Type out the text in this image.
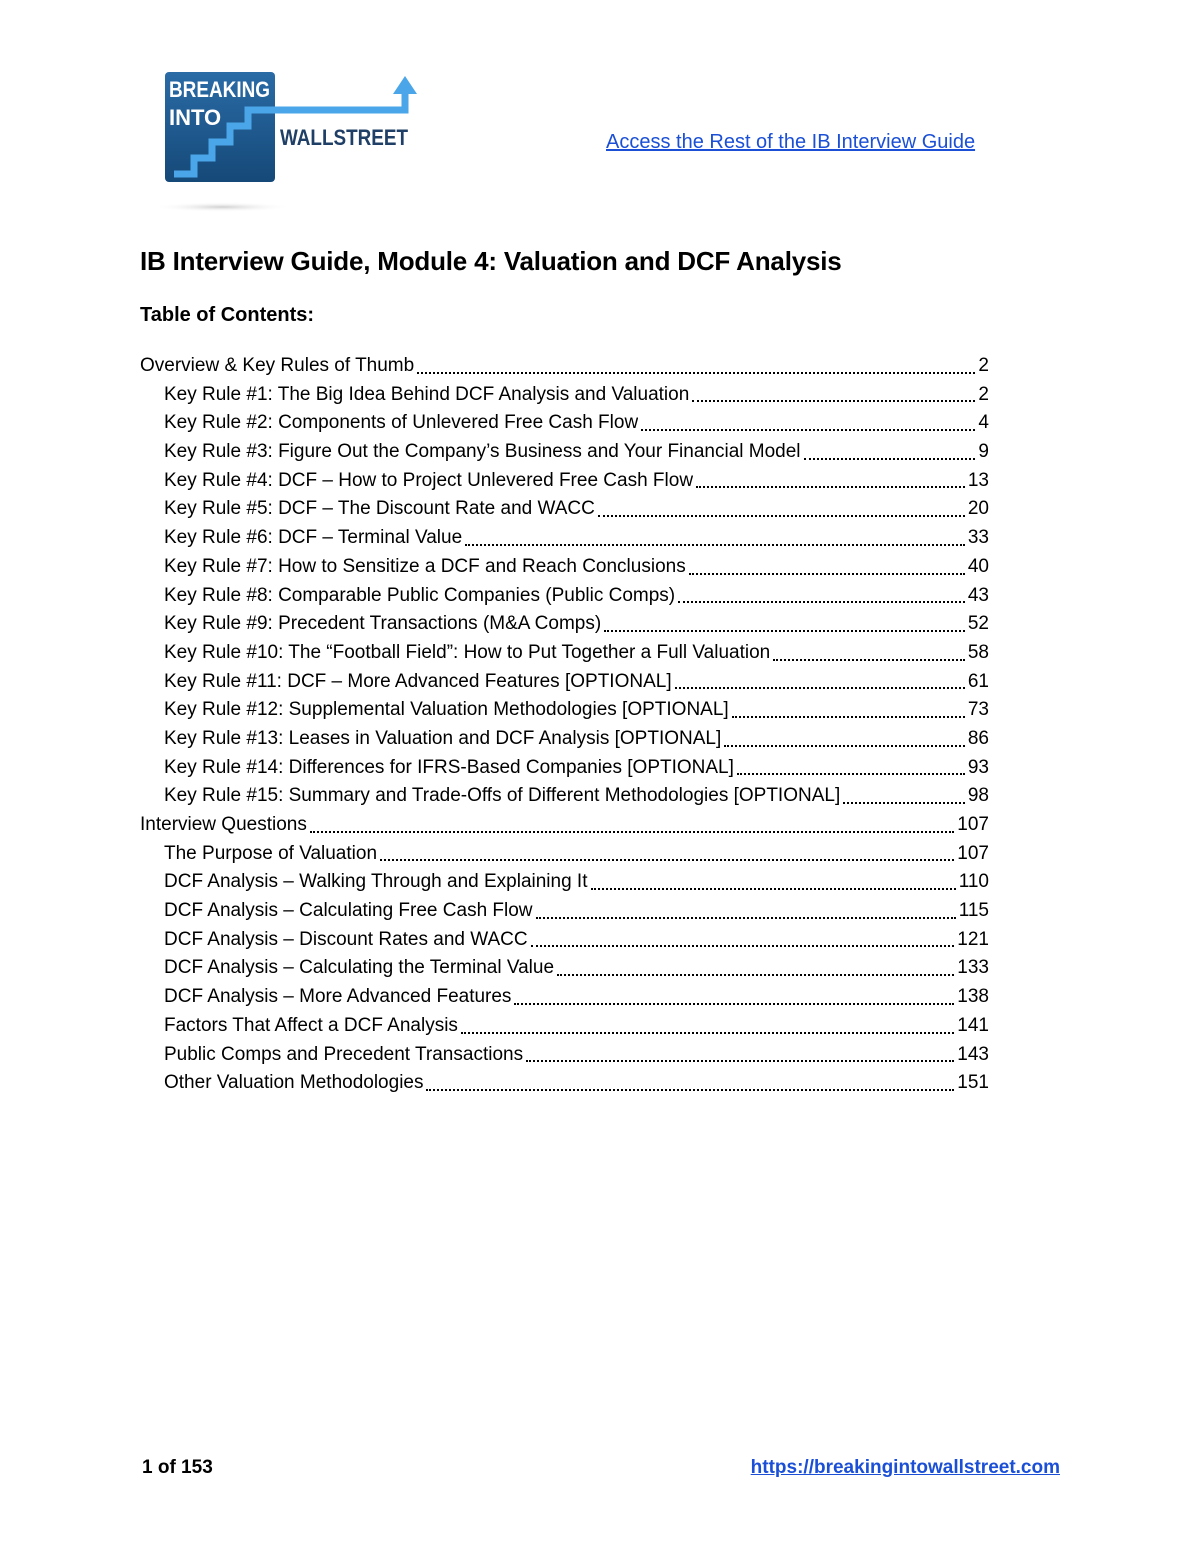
BREAKING
INTO
WALLSTREET	Access the Rest of the IB Interview Guide
IB Interview Guide, Module 4: Valuation and DCF Analysis
Table of Contents:
Overview & Key Rules of Thumb	2
Key Rule #1: The Big Idea Behind DCF Analysis and Valuation	2
Key Rule #2: Components of Unlevered Free Cash Flow	4
Key Rule #3: Figure Out the Company’s Business and Your Financial Model	9
Key Rule #4: DCF – How to Project Unlevered Free Cash Flow	13
Key Rule #5: DCF – The Discount Rate and WACC	20
Key Rule #6: DCF – Terminal Value	33
Key Rule #7: How to Sensitize a DCF and Reach Conclusions	40
Key Rule #8: Comparable Public Companies (Public Comps)	43
Key Rule #9: Precedent Transactions (M&A Comps)	52
Key Rule #10: The “Football Field”: How to Put Together a Full Valuation	58
Key Rule #11: DCF – More Advanced Features [OPTIONAL]	61
Key Rule #12: Supplemental Valuation Methodologies [OPTIONAL]	73
Key Rule #13: Leases in Valuation and DCF Analysis [OPTIONAL]	86
Key Rule #14: Differences for IFRS-Based Companies [OPTIONAL]	93
Key Rule #15: Summary and Trade-Offs of Different Methodologies [OPTIONAL]	98
Interview Questions	107
The Purpose of Valuation	107
DCF Analysis – Walking Through and Explaining It	110
DCF Analysis – Calculating Free Cash Flow	115
DCF Analysis – Discount Rates and WACC	121
DCF Analysis – Calculating the Terminal Value	133
DCF Analysis – More Advanced Features	138
Factors That Affect a DCF Analysis	141
Public Comps and Precedent Transactions	143
Other Valuation Methodologies	151
1 of 153	https://breakingintowallstreet.com
